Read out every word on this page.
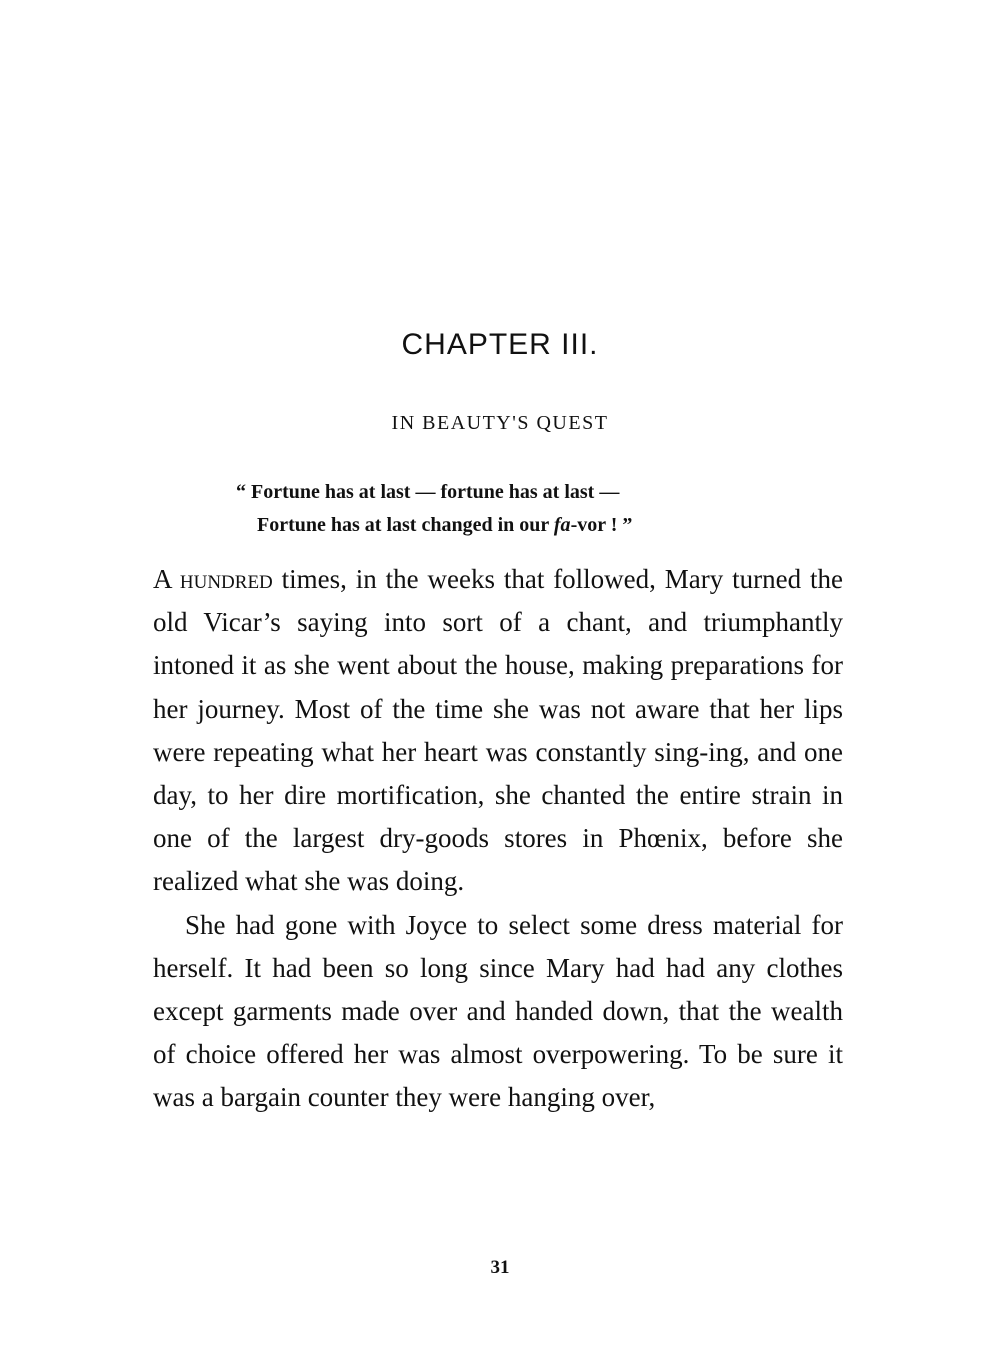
CHAPTER III.
IN BEAUTY'S QUEST
“ Fortune has at last — fortune has at last —
Fortune has at last changed in our fa-vor ! ”

A hundred times, in the weeks that followed, Mary turned the old Vicar’s saying into sort of a chant, and triumphantly intoned it as she went about the house, making preparations for her journey. Most of the time she was not aware that her lips were repeating what her heart was constantly sing-ing, and one day, to her dire mortification, she chanted the entire strain in one of the largest dry-goods stores in Phœnix, before she realized what she was doing.

She had gone with Joyce to select some dress material for herself. It had been so long since Mary had had any clothes except garments made over and handed down, that the wealth of choice offered her was almost overpowering. To be sure it was a bargain counter they were hanging over,

31
